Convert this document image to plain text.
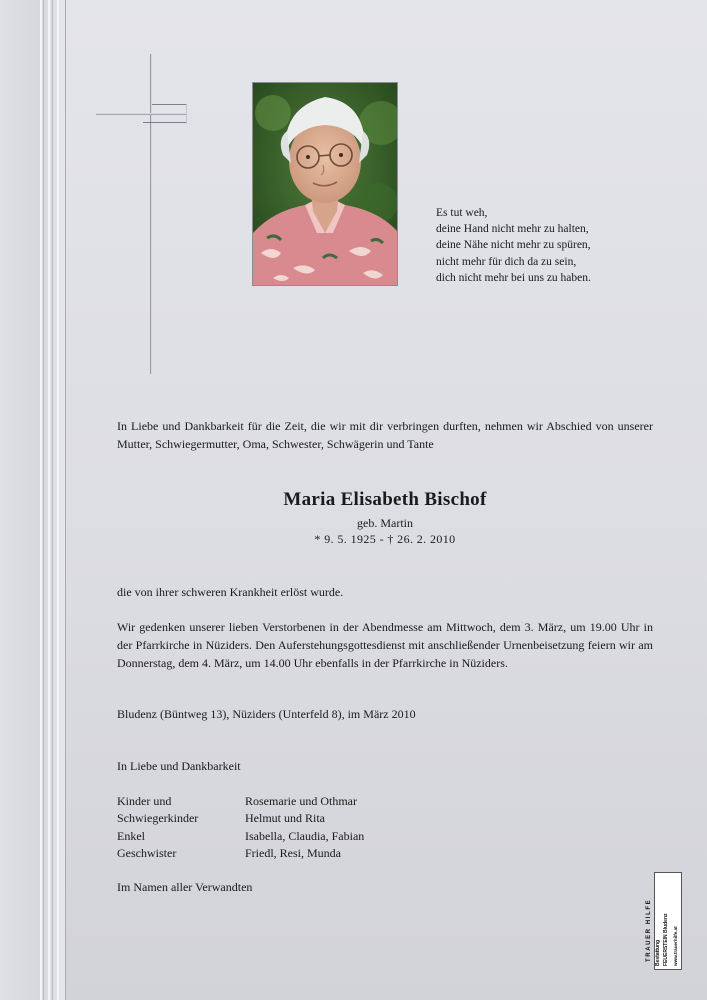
Es tut weh,
deine Hand nicht mehr zu halten,
deine Nähe nicht mehr zu spüren,
nicht mehr für dich da zu sein,
dich nicht mehr bei uns zu haben.
In Liebe und Dankbarkeit für die Zeit, die wir mit dir verbringen durften, nehmen wir Abschied von unserer Mutter, Schwiegermutter, Oma, Schwester, Schwägerin und Tante
Maria Elisabeth Bischof
geb. Martin
* 9. 5. 1925 - † 26. 2. 2010
die von ihrer schweren Krankheit erlöst wurde.
Wir gedenken unserer lieben Verstorbenen in der Abendmesse am Mittwoch, dem 3. März, um 19.00 Uhr in der Pfarrkirche in Nüziders. Den Auferstehungsgottesdienst mit anschließender Urnenbeisetzung feiern wir am Donnerstag, dem 4. März, um 14.00 Uhr ebenfalls in der Pfarrkirche in Nüziders.
Bludenz (Büntweg 13), Nüziders (Unterfeld 8), im März 2010
In Liebe und Dankbarkeit
Kinder und	Rosemarie und Othmar
Schwiegerkinder	Helmut und Rita
Enkel	Isabella, Claudia, Fabian
Geschwister	Friedl, Resi, Munda
Im Namen aller Verwandten
TRAUER HILFE Bestattung FEUERSTEIN Bludenz www.trauerhilfe.at
